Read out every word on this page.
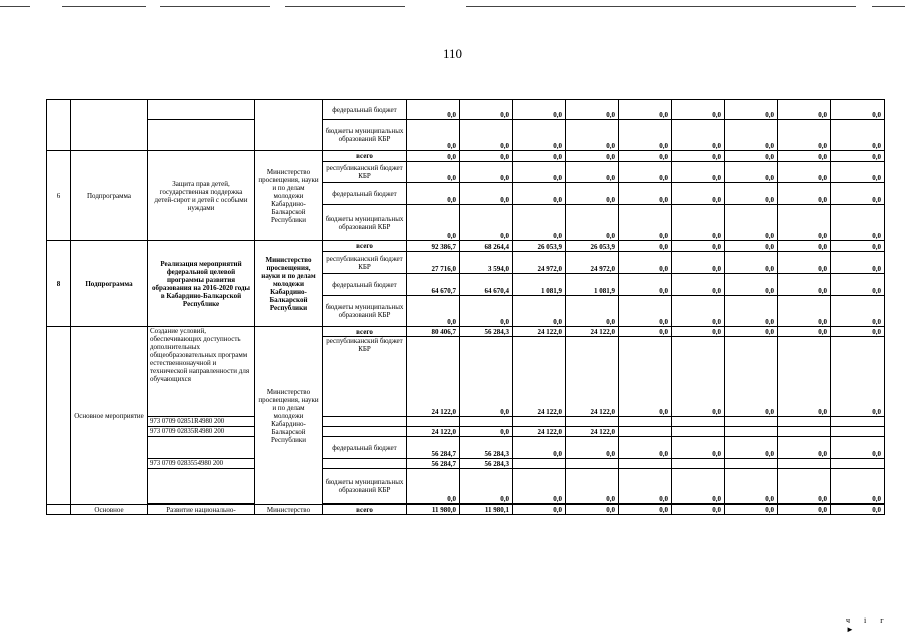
110
				федеральный бюджет	0,0	0,0	0,0	0,0	0,0	0,0	0,0	0,0	0,0
				бюджеты муниципальных образований КБР	0,0	0,0	0,0	0,0	0,0	0,0	0,0	0,0	0,0
6	Подпрограмма	Защита прав детей, государственная поддержка детей-сирот и детей с особыми нуждами	Министерство просвещения, науки и по делам молодежи Кабардино-Балкарской Республики	всего	0,0	0,0	0,0	0,0	0,0	0,0	0,0	0,0	0,0
				республиканский бюджет КБР	0,0	0,0	0,0	0,0	0,0	0,0	0,0	0,0	0,0
				федеральный бюджет	0,0	0,0	0,0	0,0	0,0	0,0	0,0	0,0	0,0
				бюджеты муниципальных образований КБР	0,0	0,0	0,0	0,0	0,0	0,0	0,0	0,0	0,0
8	Подпрограмма	Реализация мероприятий федеральной целевой программы развития образования на 2016-2020 годы в Кабардино-Балкарской Республике	Министерство просвещения, науки и по делам молодежи Кабардино-Балкарской Республики	всего	92 386,7	68 264,4	26 053,9	26 053,9	0,0	0,0	0,0	0,0	0,0
				республиканский бюджет КБР	27 716,0	3 594,0	24 972,0	24 972,0	0,0	0,0	0,0	0,0	0,0
				федеральный бюджет	64 670,7	64 670,4	1 081,9	1 081,9	0,0	0,0	0,0	0,0	0,0
				бюджеты муниципальных образований КБР	0,0	0,0	0,0	0,0	0,0	0,0	0,0	0,0	0,0
	Основное мероприятие	Создание условий, обеспечивающих доступность дополнительных общеобразовательных программ естественнонаучной и технической направленности для обучающихся	Министерство просвещения, науки и по делам молодежи Кабардино-Балкарской Республики	всего	80 406,7	56 284,3	24 122,0	24 122,0	0,0	0,0	0,0	0,0	0,0
				республиканский бюджет КБР	24 122,0	0,0	24 122,0	24 122,0	0,0	0,0	0,0	0,0	0,0
		973 0709 02851R4980 200											
		973 0709 02835R4980 200			24 122,0	0,0	24 122,0	24 122,0					
				федеральный бюджет	56 284,7	56 284,3	0,0	0,0	0,0	0,0	0,0	0,0	0,0
		973 0709 0283554980 200			56 284,7	56 284,3							
				бюджеты муниципальных образований КБР	0,0	0,0	0,0	0,0	0,0	0,0	0,0	0,0	0,0

	Основное	Развитие национально-	Министерство	всего	11 980,0	11 980,1	0,0	0,0	0,0	0,0	0,0	0,0	0,0
ч і г ►
